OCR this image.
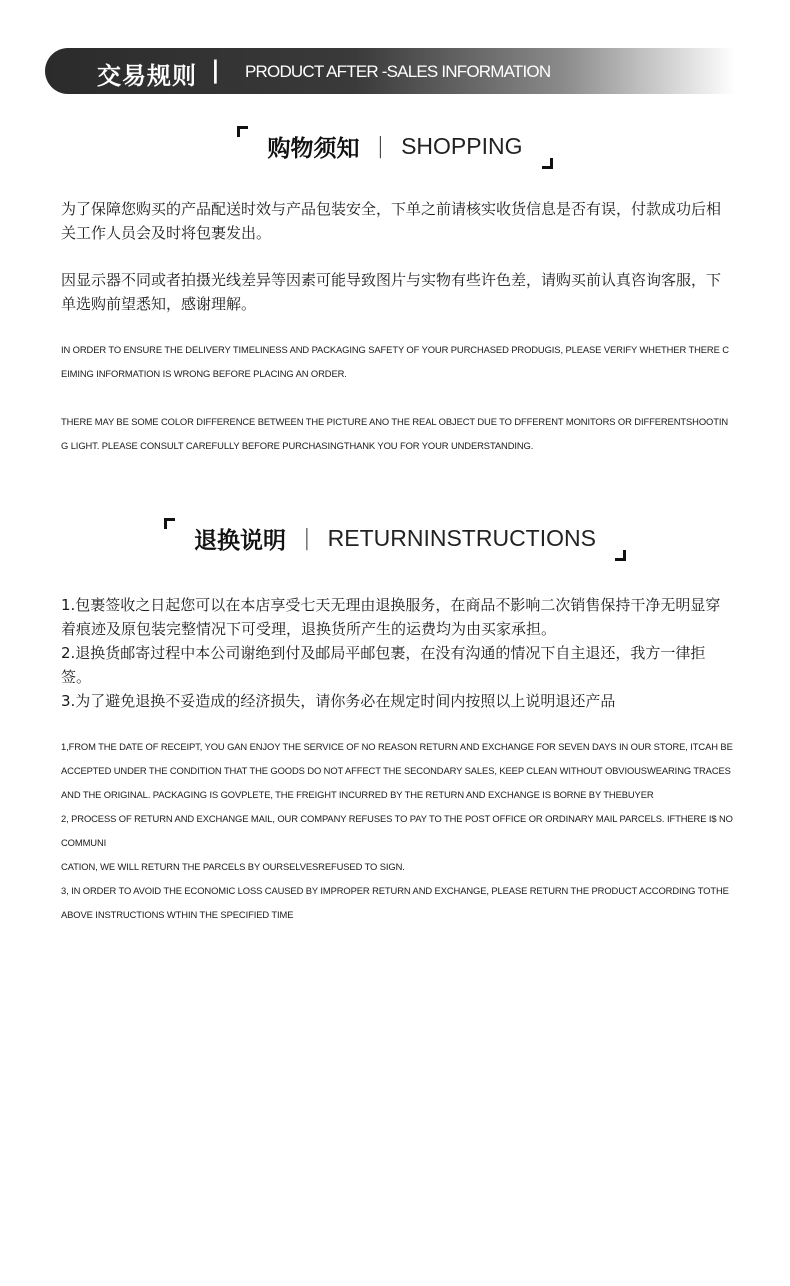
交易规则 | PRODUCT AFTER -SALES INFORMATION
购物须知 | SHOPPING

为了保障您购买的产品配送时效与产品包装安全，下单之前请核实收货信息是否有误，付款成功后相关工作人员会及时将包裹发出。

因显示器不同或者拍摄光线差异等因素可能导致图片与实物有些许色差，请购买前认真咨询客服，下单选购前望悉知，感谢理解。

IN ORDER TO ENSURE THE DELIVERY TIMELINESS AND PACKAGING SAFETY OF YOUR PURCHASED PRODUGIS, PLEASE VERIFY WHETHER THERE CEIMING INFORMATION IS WRONG BEFORE PLACING AN ORDER.

THERE MAY BE SOME COLOR DIFFERENCE BETWEEN THE PICTURE ANO THE REAL OBJECT DUE TO DFFERENT MONITORS OR DIFFERENTSHOOTING LIGHT. PLEASE CONSULT CAREFULLY BEFORE PURCHASINGTHANK YOU FOR YOUR UNDERSTANDING.

退换说明 | RETURNINSTRUCTIONS
1.包裹签收之日起您可以在本店享受七天无理由退换服务，在商品不影响二次销售保持干净无明显穿着痕迹及原包装完整情况下可受理，退换货所产生的运费均为由买家承担。
2.退换货邮寄过程中本公司谢绝到付及邮局平邮包裹，在没有沟通的情况下自主退还，我方一律拒签。
3.为了避免退换不妥造成的经济损失，请你务必在规定时间内按照以上说明退还产品
1,FROM THE DATE OF RECEIPT, YOU GAN ENJOY THE SERVICE OF NO REASON RETURN AND EXCHANGE FOR SEVEN DAYS IN OUR STORE, ITCAH BE ACCEPTED UNDER THE CONDITION THAT THE GOODS DO NOT AFFECT THE SECONDARY SALES, KEEP CLEAN WITHOUT OBVIOUSWEARING TRACES AND THE ORIGINAL. PACKAGING IS GOVPLETE, THE FREIGHT INCURRED BY THE RETURN AND EXCHANGE IS BORNE BY THEBUYER
2, PROCESS OF RETURN AND EXCHANGE MAIL, OUR COMPANY REFUSES TO PAY TO THE POST OFFICE OR ORDINARY MAIL PARCELS. IFTHERE I$ NO COMMUNI
CATION, WE WILL RETURN THE PARCELS BY OURSELVESREFUSED TO SIGN.
3, IN ORDER TO AVOID THE ECONOMIC LOSS CAUSED BY IMPROPER RETURN AND EXCHANGE, PLEASE RETURN THE PRODUCT ACCORDING TOTHE ABOVE INSTRUCTIONS WTHIN THE SPECIFIED TIME
